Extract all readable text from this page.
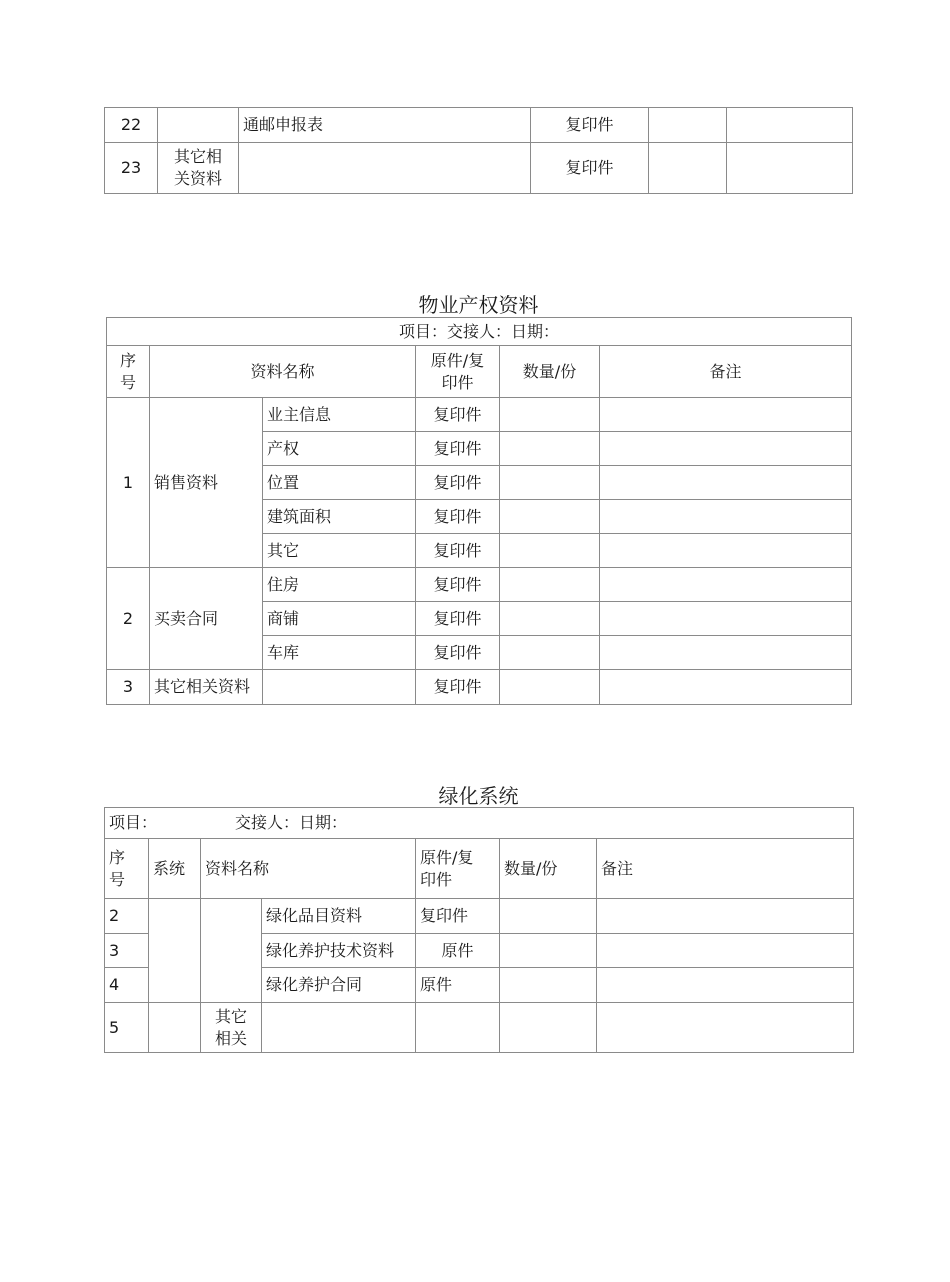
22		通邮申报表	复印件		
23	其它相
关资料		复印件		
物业产权资料
项目：交接人：日期：					
序
号	资料名称		原件/复
印件	数量/份	备注
1	销售资料	业主信息	复印件		
		产权	复印件		
		位置	复印件		
		建筑面积	复印件		
		其它	复印件		
2	买卖合同	住房	复印件		
		商铺	复印件		
		车库	复印件		
3	其它相关资料		复印件		
绿化系统
项目： 交接人：日期：						
序
号	系统	资料名称		原件/复
印件	数量/份	备注
2			绿化品目资料	复印件		
3			绿化养护技术资料	原件		
4			绿化养护合同	原件		
5		其它
相关				
